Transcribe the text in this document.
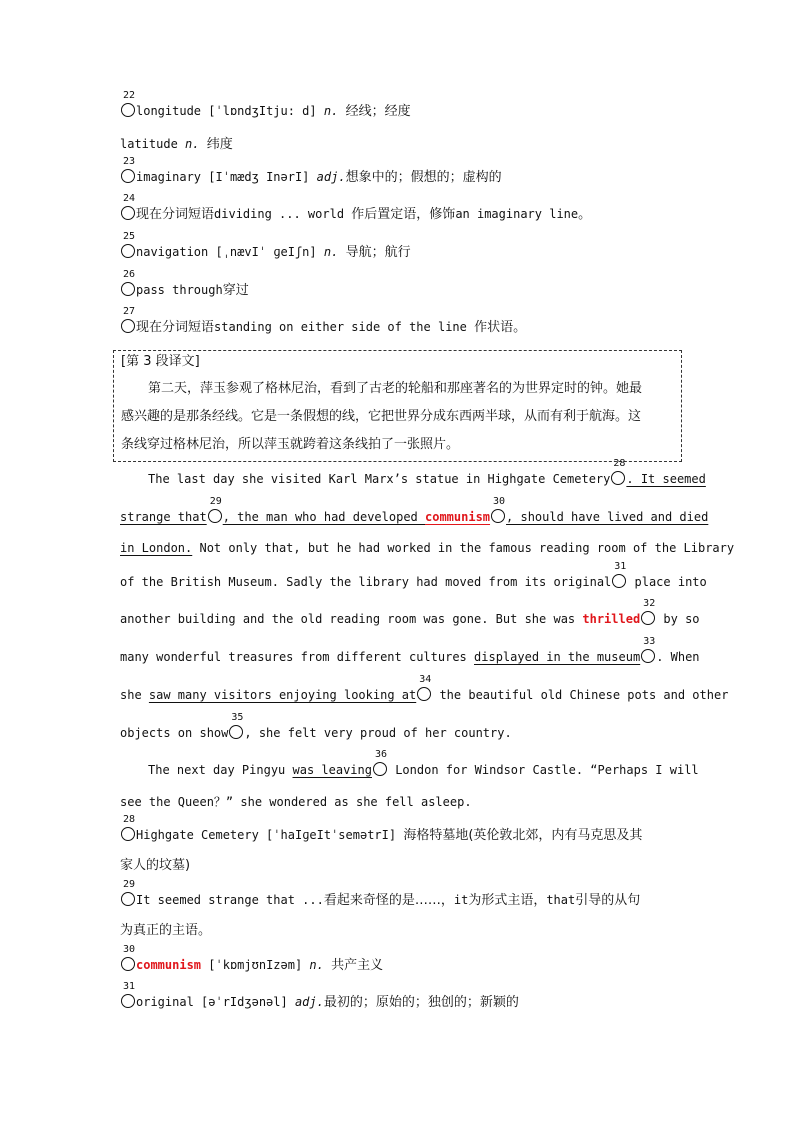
22
longitude [ˈlɒndʒItju: d] n. 经线；经度
latitude n. 纬度
23
imaginary [Iˈmædʒ InərI] adj.想象中的；假想的；虚构的
24
现在分词短语dividing ... world 作后置定语，修饰an imaginary line。
25
navigation [ˌnævIˈ ɡeIʃn] n. 导航；航行
26
pass through穿过
27
现在分词短语standing on either side of the line 作状语。
[第 3 段译文]
第二天，萍玉参观了格林尼治，看到了古老的轮船和那座著名的为世界定时的钟。她最
感兴趣的是那条经线。它是一条假想的线，它把世界分成东西两半球，从而有利于航海。这
条线穿过格林尼治，所以萍玉就跨着这条线拍了一张照片。
The last day she visited Karl Marx’s statue in Highgate Cemetery
28
. It seemed
strange that
29
, the man who had developed communism
30
, should have lived and died
in London. Not only that, but he had worked in the famous reading room of the Library
of the British Museum. Sadly the library had moved from its original
31
place into
another building and the old reading room was gone. But she was thrilled
32
by so
many wonderful treasures from different cultures displayed in the museum
33
. When
she saw many visitors enjoying looking at
34
the beautiful old Chinese pots and other
objects on show
35
, she felt very proud of her country.
The next day Pingyu was leaving
36
London for Windsor Castle. “Perhaps I will
see the Queen？” she wondered as she fell asleep.
28
Highgate Cemetery [ˈhaIɡeItˈsemətrI] 海格特墓地(英伦敦北郊，内有马克思及其
家人的坟墓)
29
It seemed strange that ...看起来奇怪的是……，it为形式主语，that引导的从句
为真正的主语。
30
communism [ˈkɒmjʊnIzəm] n. 共产主义
31
original [əˈrIdʒənəl] adj.最初的；原始的；独创的；新颖的
